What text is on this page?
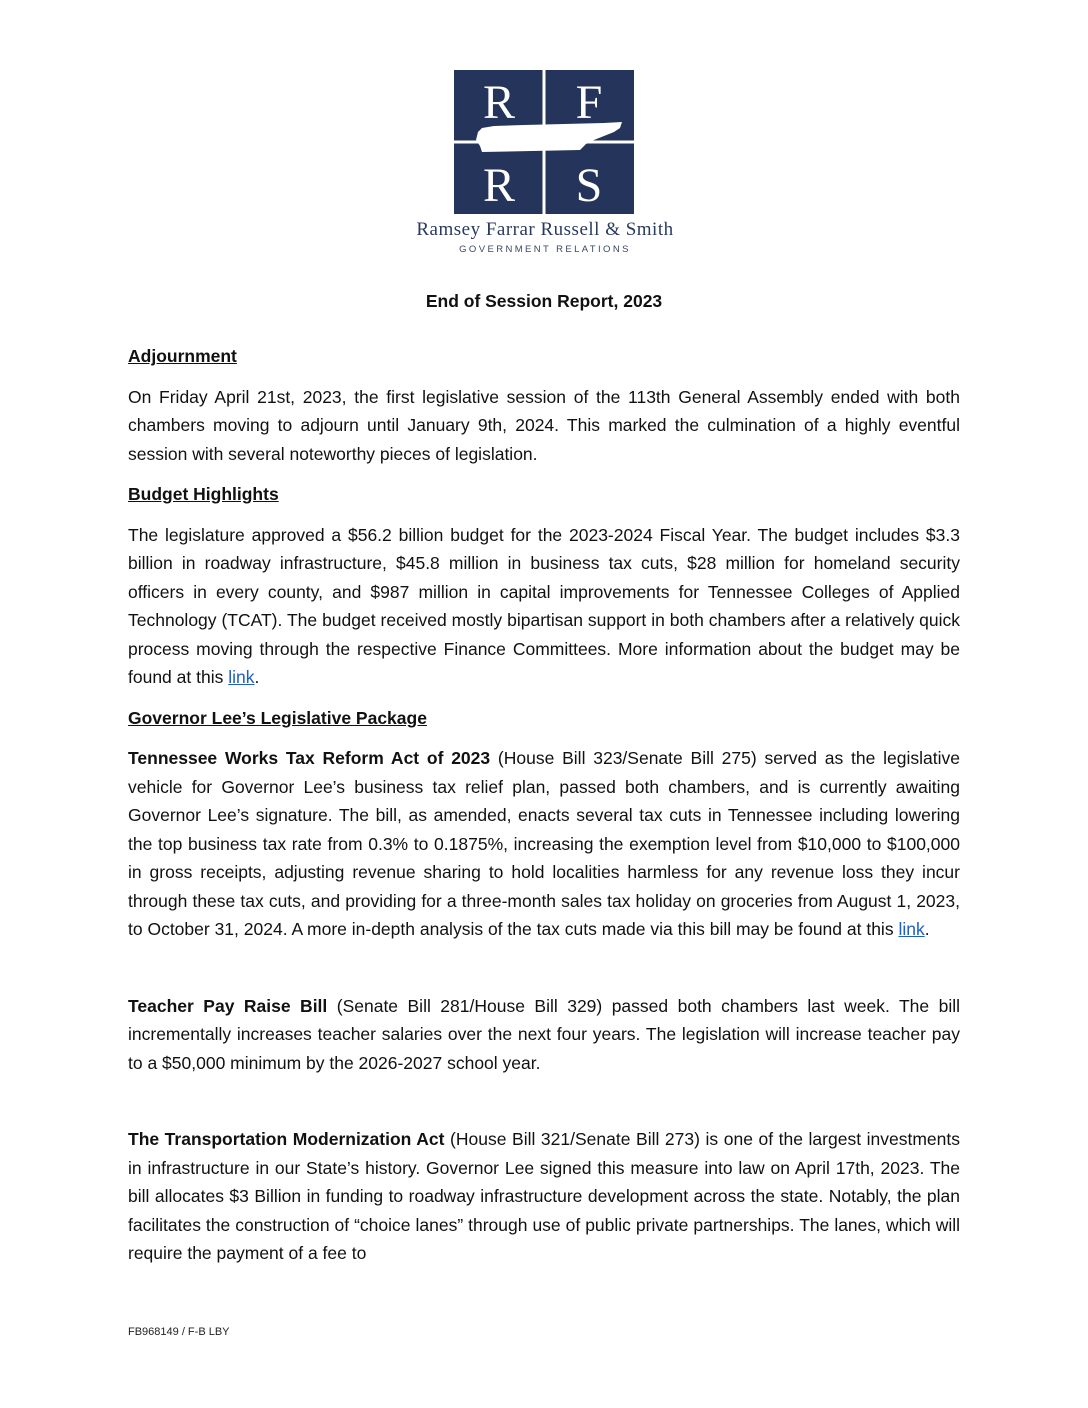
R F
R S
Ramsey Farrar Russell & Smith
GOVERNMENT RELATIONS
End of Session Report, 2023
Adjournment
On Friday April 21st, 2023, the first legislative session of the 113th General Assembly ended with both chambers moving to adjourn until January 9th, 2024. This marked the culmination of a highly eventful session with several noteworthy pieces of legislation.
Budget Highlights
The legislature approved a $56.2 billion budget for the 2023-2024 Fiscal Year. The budget includes $3.3 billion in roadway infrastructure, $45.8 million in business tax cuts, $28 million for homeland security officers in every county, and $987 million in capital improvements for Tennessee Colleges of Applied Technology (TCAT). The budget received mostly bipartisan support in both chambers after a relatively quick process moving through the respective Finance Committees. More information about the budget may be found at this link.
Governor Lee’s Legislative Package
Tennessee Works Tax Reform Act of 2023 (House Bill 323/Senate Bill 275) served as the legislative vehicle for Governor Lee’s business tax relief plan, passed both chambers, and is currently awaiting Governor Lee’s signature. The bill, as amended, enacts several tax cuts in Tennessee including lowering the top business tax rate from 0.3% to 0.1875%, increasing the exemption level from $10,000 to $100,000 in gross receipts, adjusting revenue sharing to hold localities harmless for any revenue loss they incur through these tax cuts, and providing for a three-month sales tax holiday on groceries from August 1, 2023, to October 31, 2024. A more in-depth analysis of the tax cuts made via this bill may be found at this link.
Teacher Pay Raise Bill (Senate Bill 281/House Bill 329) passed both chambers last week. The bill incrementally increases teacher salaries over the next four years. The legislation will increase teacher pay to a $50,000 minimum by the 2026-2027 school year.
The Transportation Modernization Act (House Bill 321/Senate Bill 273) is one of the largest investments in infrastructure in our State’s history. Governor Lee signed this measure into law on April 17th, 2023. The bill allocates $3 Billion in funding to roadway infrastructure development across the state. Notably, the plan facilitates the construction of “choice lanes” through use of public private partnerships. The lanes, which will require the payment of a fee to
FB968149 / F-B LBY
